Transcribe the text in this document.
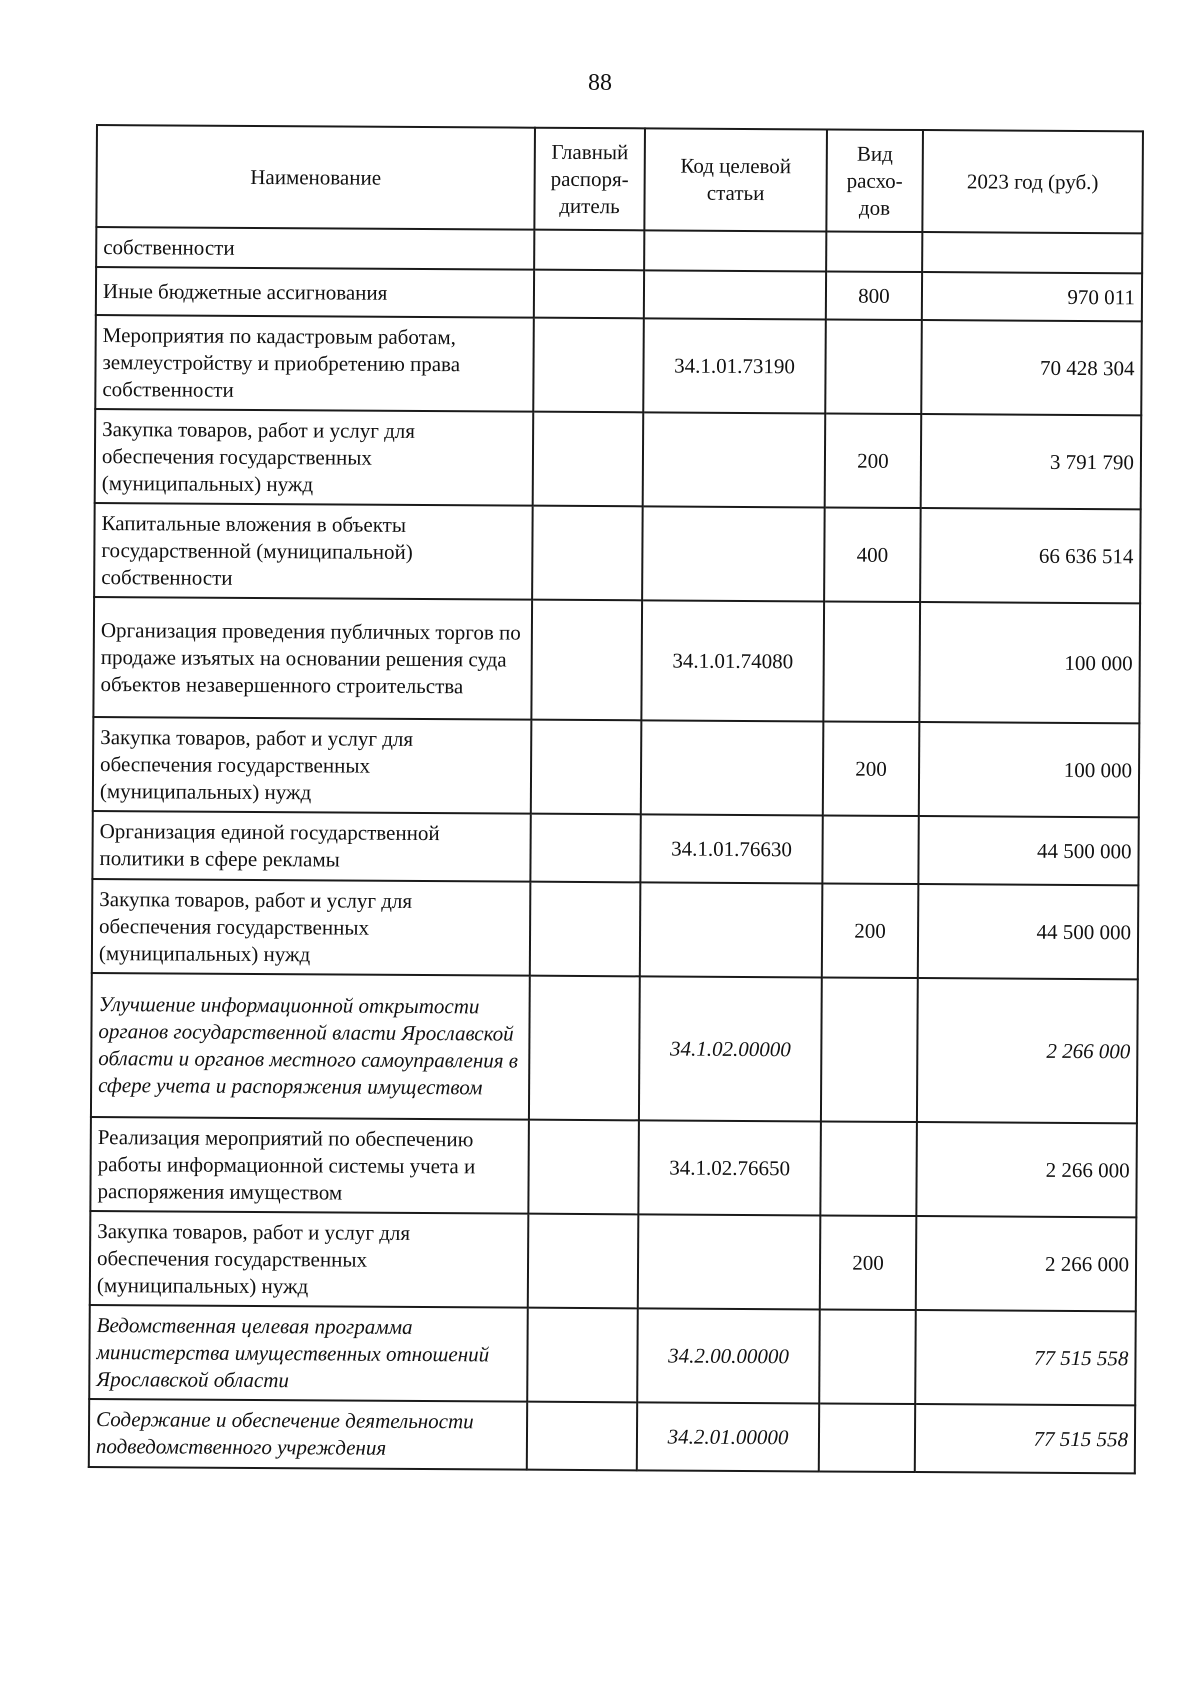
88
Наименование	Главный распоря-дитель	Код целевой статьи	Вид расхо-дов	2023 год (руб.)
собственности				
Иные бюджетные ассигнования			800	970 011
Мероприятия по кадастровым работам, землеустройству и приобретению права собственности		34.1.01.73190		70 428 304
Закупка товаров, работ и услуг для обеспечения государственных (муниципальных) нужд			200	3 791 790
Капитальные вложения в объекты государственной (муниципальной) собственности			400	66 636 514
Организация проведения публичных торгов по продаже изъятых на основании решения суда объектов незавершенного строительства		34.1.01.74080		100 000
Закупка товаров, работ и услуг для обеспечения государственных (муниципальных) нужд			200	100 000
Организация единой государственной политики в сфере рекламы		34.1.01.76630		44 500 000
Закупка товаров, работ и услуг для обеспечения государственных (муниципальных) нужд			200	44 500 000
Улучшение информационной открытости органов государственной власти Ярославской области и органов местного самоуправления в сфере учета и распоряжения имуществом		34.1.02.00000		2 266 000
Реализация мероприятий по обеспечению работы информационной системы учета и распоряжения имуществом		34.1.02.76650		2 266 000
Закупка товаров, работ и услуг для обеспечения государственных (муниципальных) нужд			200	2 266 000
Ведомственная целевая программа министерства имущественных отношений Ярославской области		34.2.00.00000		77 515 558
Содержание и обеспечение деятельности подведомственного учреждения		34.2.01.00000		77 515 558
